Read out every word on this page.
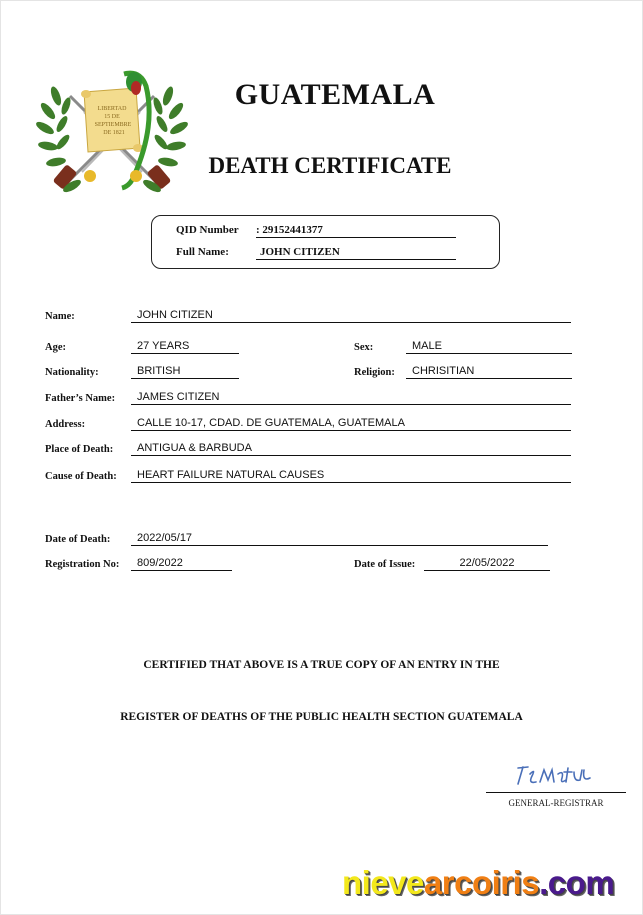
LIBERTAD
15 DE
SEPTIEMBRE
DE 1821
GUATEMALA
DEATH CERTIFICATE
QID Number : 29152441377
Full Name:	JOHN CITIZEN
Name:	JOHN CITIZEN
Age:	27 YEARS	Sex:	MALE
Nationality:	BRITISH	Religion:	CHRISITIAN
Father’s Name:	JAMES CITIZEN
Address:	CALLE 10-17, CDAD. DE GUATEMALA, GUATEMALA
Place of Death:	ANTIGUA & BARBUDA
Cause of Death:	HEART FAILURE NATURAL CAUSES
Date of Death:	2022/05/17
Registration No:	809/2022	Date of Issue:	22/05/2022
CERTIFIED THAT ABOVE IS A TRUE COPY OF AN ENTRY IN THE
REGISTER OF DEATHS OF THE PUBLIC HEALTH SECTION GUATEMALA
GENERAL-REGISTRAR
nievearcoiris.com
